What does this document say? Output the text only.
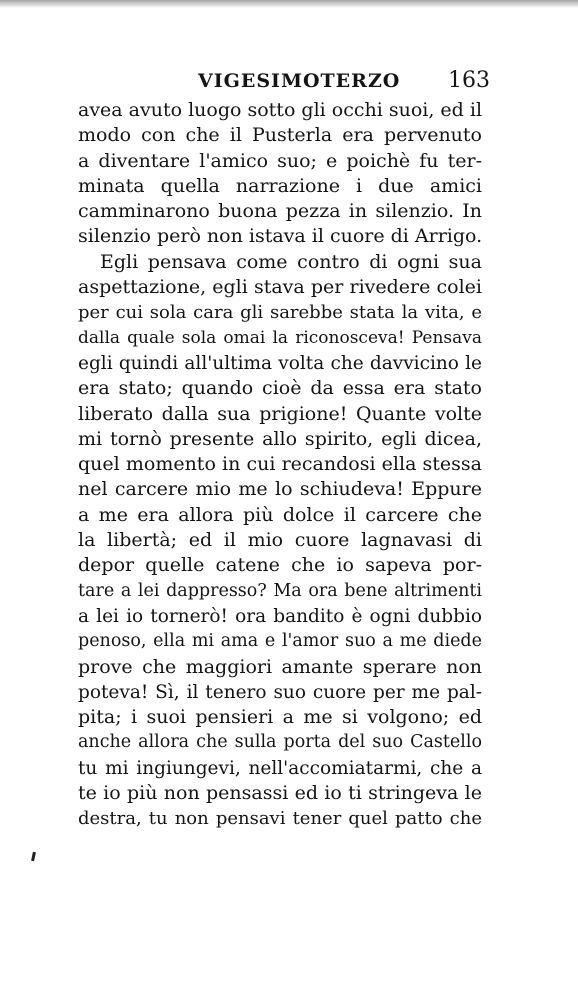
VIGESIMOTERZO 163
avea avuto luogo sotto gli occhi suoi, ed il
modo con che il Pusterla era pervenuto
a diventare l'amico suo; e poichè fu ter-
minata quella narrazione i due amici
camminarono buona pezza in silenzio. In
silenzio però non istava il cuore di Arrigo.
Egli pensava come contro di ogni sua
aspettazione, egli stava per rivedere colei
per cui sola cara gli sarebbe stata la vita, e
dalla quale sola omai la riconosceva! Pensava
egli quindi all'ultima volta che davvicino le
era stato; quando cioè da essa era stato
liberato dalla sua prigione! Quante volte
mi tornò presente allo spirito, egli dicea,
quel momento in cui recandosi ella stessa
nel carcere mio me lo schiudeva! Eppure
a me era allora più dolce il carcere che
la libertà; ed il mio cuore lagnavasi di
depor quelle catene che io sapeva por-
tare a lei dappresso? Ma ora bene altrimenti
a lei io tornerò! ora bandito è ogni dubbio
penoso, ella mi ama e l'amor suo a me diede
prove che maggiori amante sperare non
poteva! Sì, il tenero suo cuore per me pal-
pita; i suoi pensieri a me si volgono; ed
anche allora che sulla porta del suo Castello
tu mi ingiungevi, nell'accomiatarmi, che a
te io più non pensassi ed io ti stringeva le
destra, tu non pensavi tener quel patto che
